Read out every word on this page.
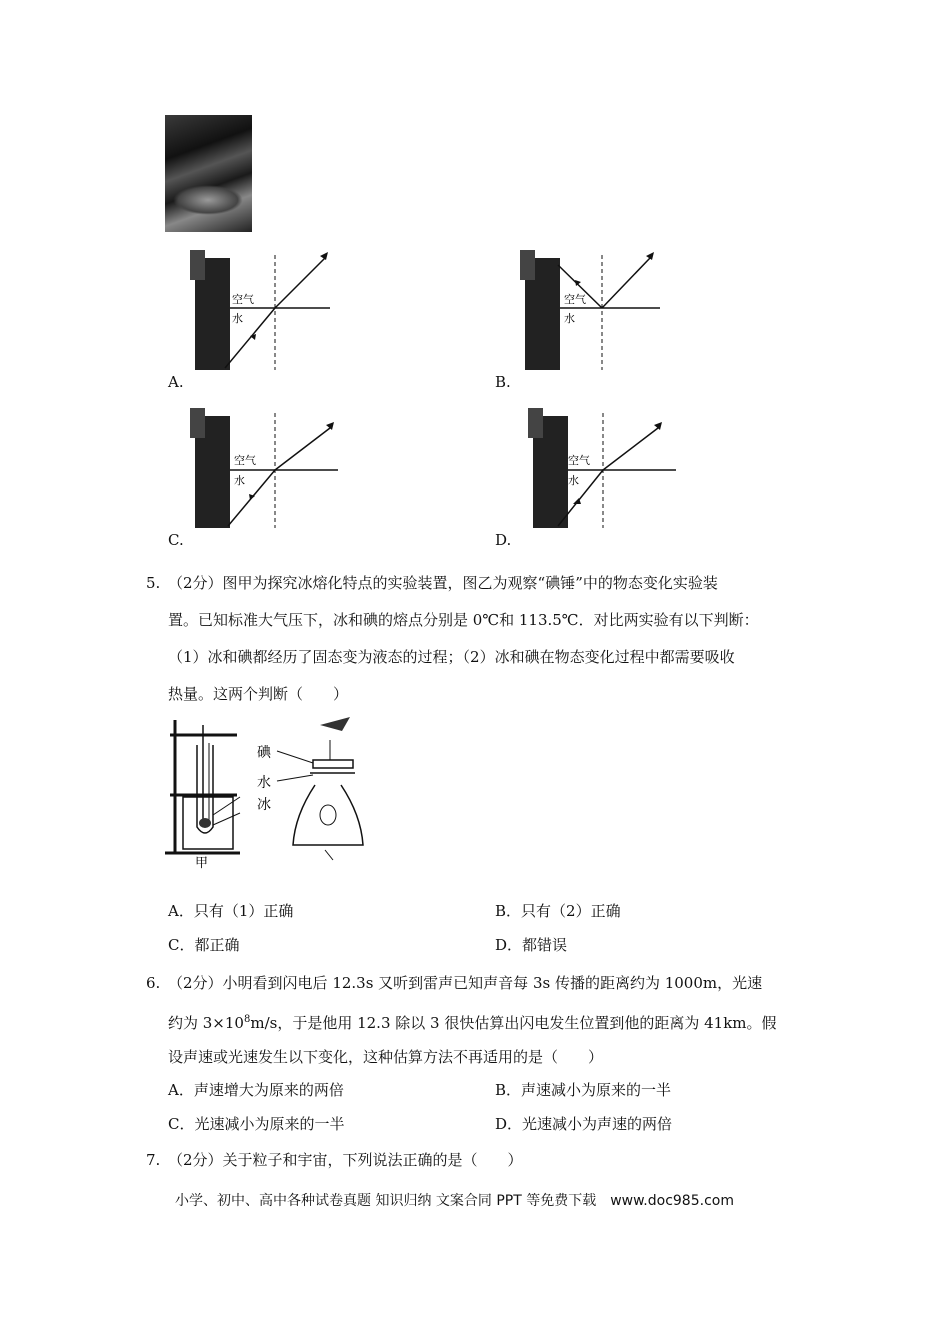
空气
水
A.
空气
水
B.
空气
水
C.
空气
水
D.
5. （2分）图甲为探究冰熔化特点的实验装置，图乙为观察“碘锤”中的物态变化实验装
置。已知标准大气压下，冰和碘的熔点分别是 0℃和 113.5℃．对比两实验有以下判断：
（1）冰和碘都经历了固态变为液态的过程；（2）冰和碘在物态变化过程中都需要吸收
热量。这两个判断（　　）
甲
碘
水
冰
A．只有（1）正确	B．只有（2）正确
C．都正确	D．都错误
6. （2分）小明看到闪电后 12.3s 又听到雷声已知声音每 3s 传播的距离约为 1000m，光速
约为 $3\times 10^8m/s$，于是他用 12.3 除以 3 很快估算出闪电发生位置到他的距离为 41km。假
设声速或光速发生以下变化，这种估算方法不再适用的是（　　）
A．声速增大为原来的两倍	B．声速减小为原来的一半
C．光速减小为原来的一半	D．光速减小为声速的两倍
7. （2分）关于粒子和宇宙，下列说法正确的是（　　）
小学、初中、高中各种试卷真题 知识归纳 文案合同 PPT 等免费下载　www.doc985.com
